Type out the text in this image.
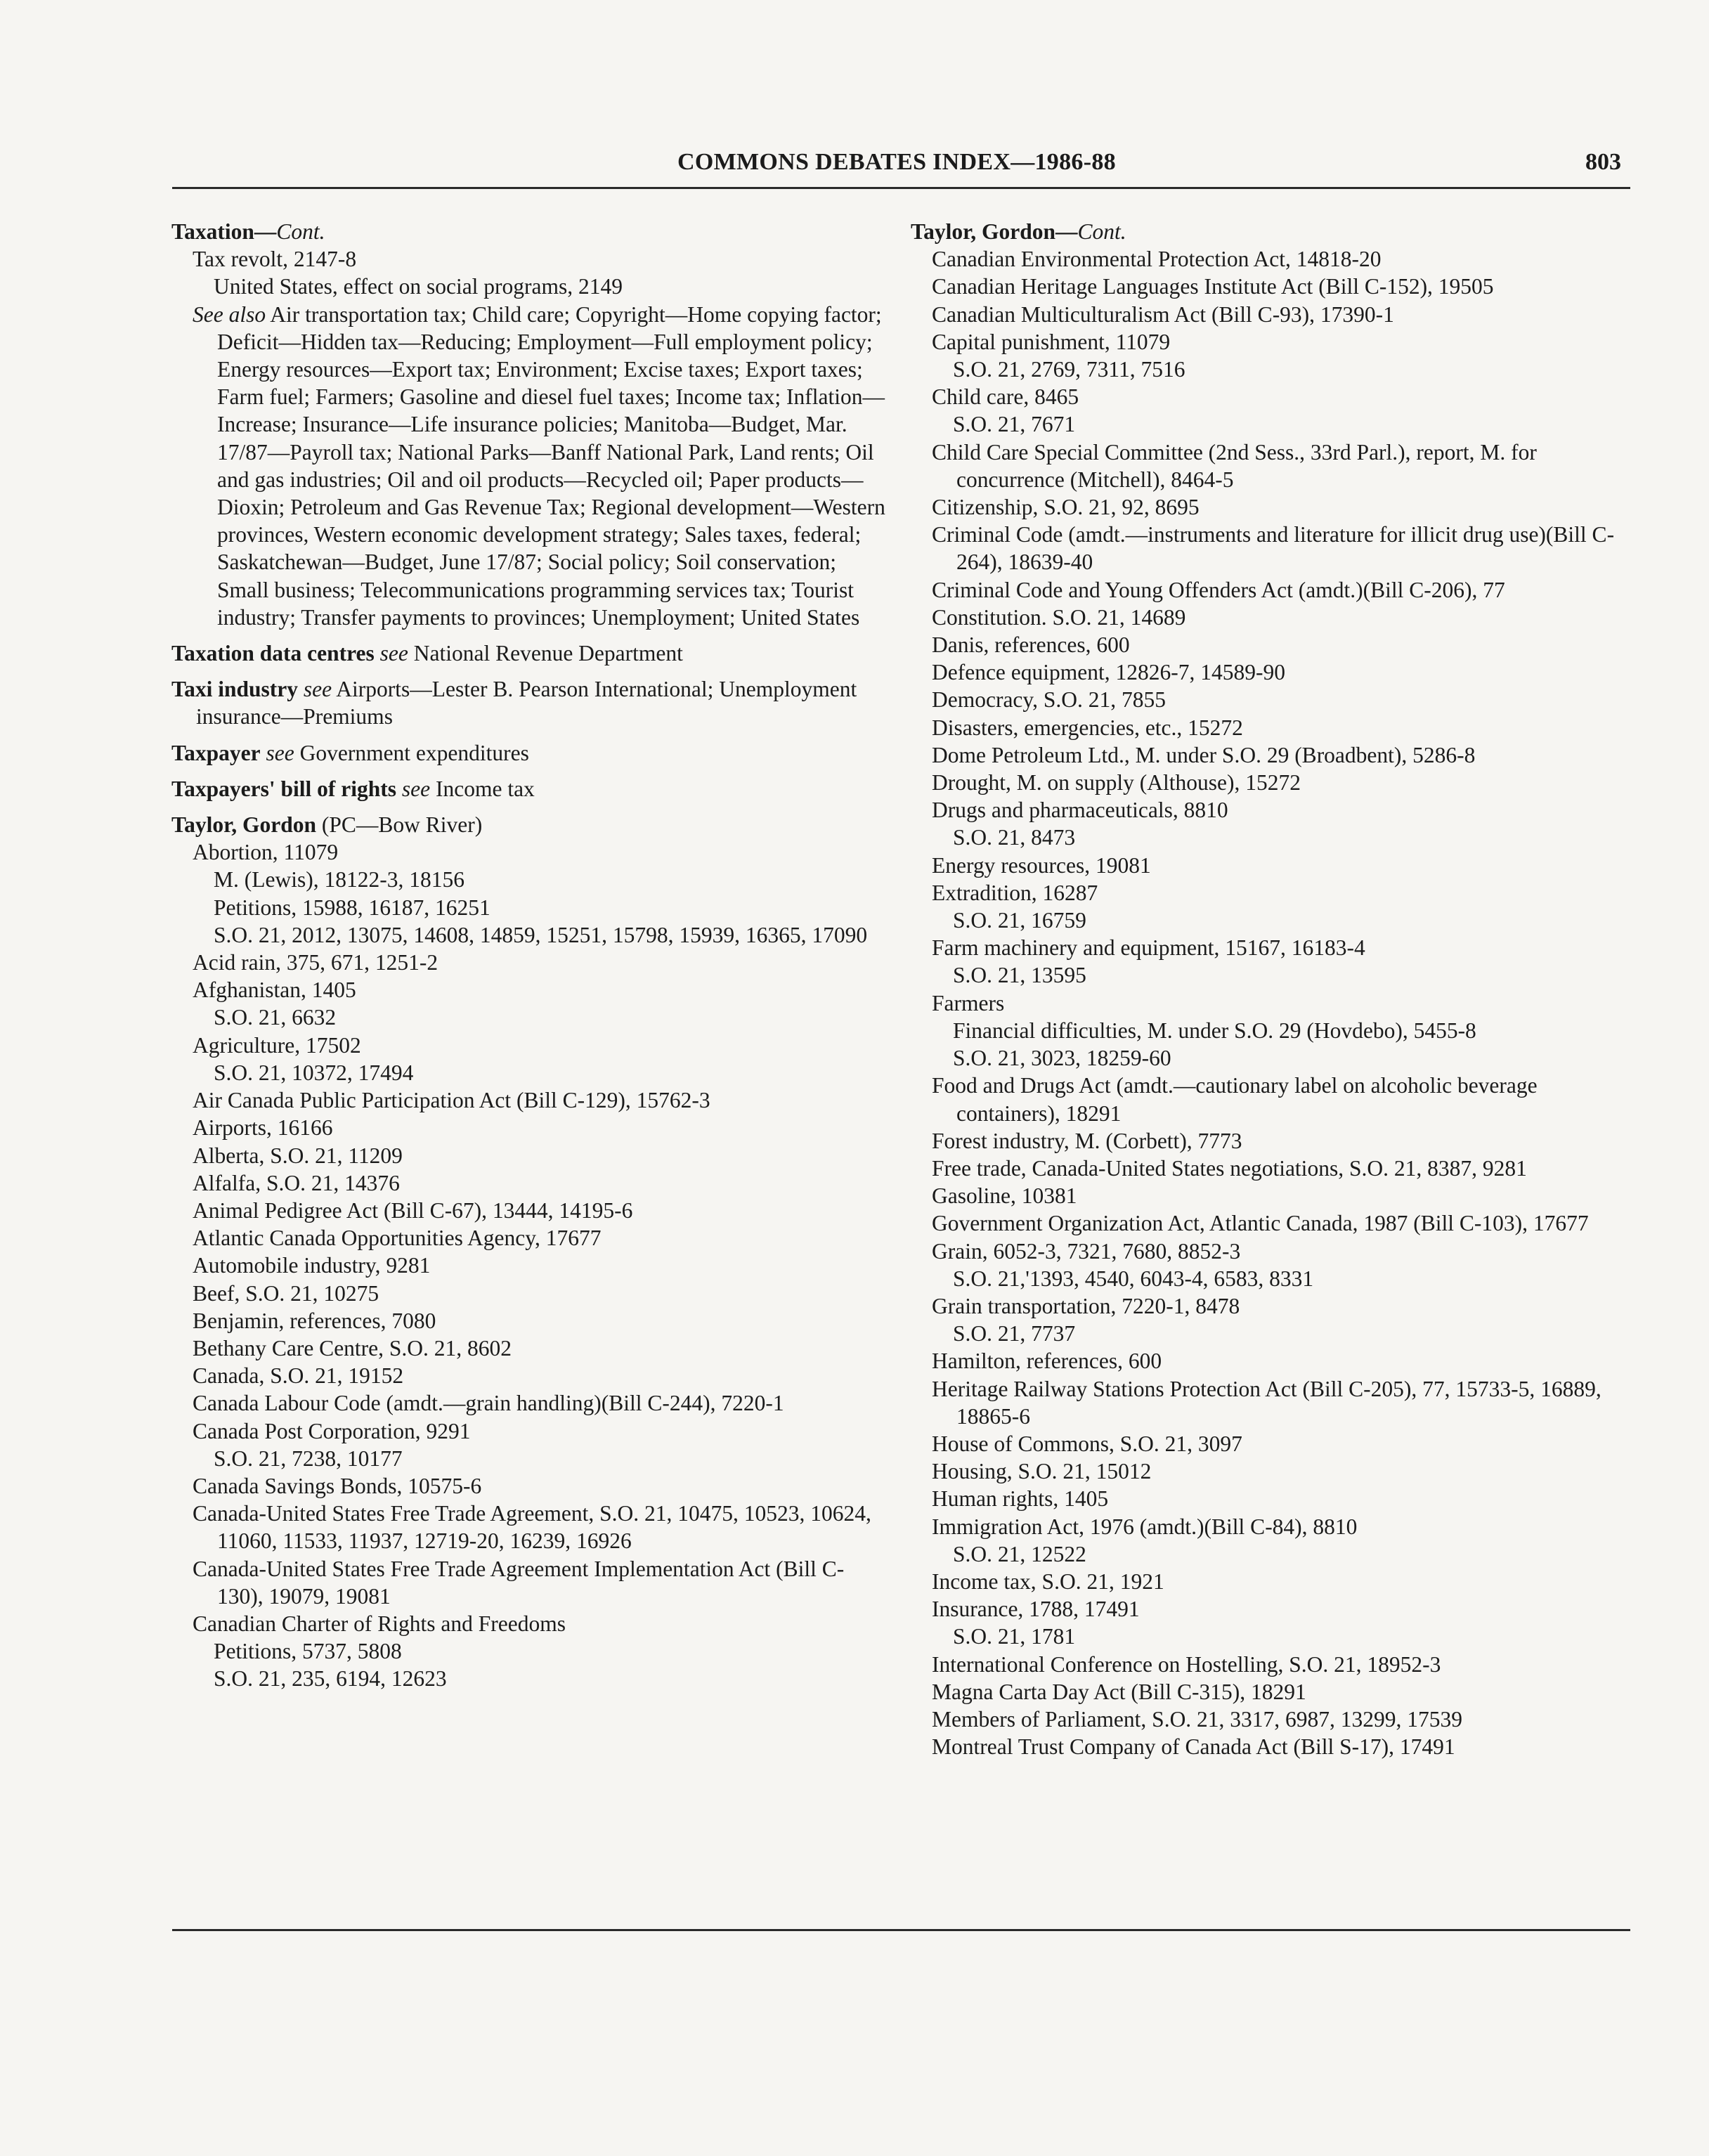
COMMONS DEBATES INDEX—1986-88	803
Taxation—Cont.
Tax revolt, 2147-8
United States, effect on social programs, 2149
See also Air transportation tax; Child care; Copyright—Home copying factor; Deficit—Hidden tax—Reducing; Employment—Full employment policy; Energy resources—Export tax; Environment; Excise taxes; Export taxes; Farm fuel; Farmers; Gasoline and diesel fuel taxes; Income tax; Inflation—Increase; Insurance—Life insurance policies; Manitoba—Budget, Mar. 17/87—Payroll tax; National Parks—Banff National Park, Land rents; Oil and gas industries; Oil and oil products—Recycled oil; Paper products—Dioxin; Petroleum and Gas Revenue Tax; Regional development—Western provinces, Western economic development strategy; Sales taxes, federal; Saskatchewan—Budget, June 17/87; Social policy; Soil conservation; Small business; Telecommunications programming services tax; Tourist industry; Transfer payments to provinces; Unemployment; United States
Taxation data centres see National Revenue Department
Taxi industry see Airports—Lester B. Pearson International; Unemployment insurance—Premiums
Taxpayer see Government expenditures
Taxpayers' bill of rights see Income tax
Taylor, Gordon (PC—Bow River)
Abortion, 11079
M. (Lewis), 18122-3, 18156
Petitions, 15988, 16187, 16251
S.O. 21, 2012, 13075, 14608, 14859, 15251, 15798, 15939, 16365, 17090
Acid rain, 375, 671, 1251-2
Afghanistan, 1405
S.O. 21, 6632
Agriculture, 17502
S.O. 21, 10372, 17494
Air Canada Public Participation Act (Bill C-129), 15762-3
Airports, 16166
Alberta, S.O. 21, 11209
Alfalfa, S.O. 21, 14376
Animal Pedigree Act (Bill C-67), 13444, 14195-6
Atlantic Canada Opportunities Agency, 17677
Automobile industry, 9281
Beef, S.O. 21, 10275
Benjamin, references, 7080
Bethany Care Centre, S.O. 21, 8602
Canada, S.O. 21, 19152
Canada Labour Code (amdt.—grain handling)(Bill C-244), 7220-1
Canada Post Corporation, 9291
S.O. 21, 7238, 10177
Canada Savings Bonds, 10575-6
Canada-United States Free Trade Agreement, S.O. 21, 10475, 10523, 10624, 11060, 11533, 11937, 12719-20, 16239, 16926
Canada-United States Free Trade Agreement Implementation Act (Bill C-130), 19079, 19081
Canadian Charter of Rights and Freedoms
Petitions, 5737, 5808
S.O. 21, 235, 6194, 12623
Taylor, Gordon—Cont.
Canadian Environmental Protection Act, 14818-20
Canadian Heritage Languages Institute Act (Bill C-152), 19505
Canadian Multiculturalism Act (Bill C-93), 17390-1
Capital punishment, 11079
S.O. 21, 2769, 7311, 7516
Child care, 8465
S.O. 21, 7671
Child Care Special Committee (2nd Sess., 33rd Parl.), report, M. for concurrence (Mitchell), 8464-5
Citizenship, S.O. 21, 92, 8695
Criminal Code (amdt.—instruments and literature for illicit drug use)(Bill C-264), 18639-40
Criminal Code and Young Offenders Act (amdt.)(Bill C-206), 77
Constitution. S.O. 21, 14689
Danis, references, 600
Defence equipment, 12826-7, 14589-90
Democracy, S.O. 21, 7855
Disasters, emergencies, etc., 15272
Dome Petroleum Ltd., M. under S.O. 29 (Broadbent), 5286-8
Drought, M. on supply (Althouse), 15272
Drugs and pharmaceuticals, 8810
S.O. 21, 8473
Energy resources, 19081
Extradition, 16287
S.O. 21, 16759
Farm machinery and equipment, 15167, 16183-4
S.O. 21, 13595
Farmers
Financial difficulties, M. under S.O. 29 (Hovdebo), 5455-8
S.O. 21, 3023, 18259-60
Food and Drugs Act (amdt.—cautionary label on alcoholic beverage containers), 18291
Forest industry, M. (Corbett), 7773
Free trade, Canada-United States negotiations, S.O. 21, 8387, 9281
Gasoline, 10381
Government Organization Act, Atlantic Canada, 1987 (Bill C-103), 17677
Grain, 6052-3, 7321, 7680, 8852-3
S.O. 21,'1393, 4540, 6043-4, 6583, 8331
Grain transportation, 7220-1, 8478
S.O. 21, 7737
Hamilton, references, 600
Heritage Railway Stations Protection Act (Bill C-205), 77, 15733-5, 16889, 18865-6
House of Commons, S.O. 21, 3097
Housing, S.O. 21, 15012
Human rights, 1405
Immigration Act, 1976 (amdt.)(Bill C-84), 8810
S.O. 21, 12522
Income tax, S.O. 21, 1921
Insurance, 1788, 17491
S.O. 21, 1781
International Conference on Hostelling, S.O. 21, 18952-3
Magna Carta Day Act (Bill C-315), 18291
Members of Parliament, S.O. 21, 3317, 6987, 13299, 17539
Montreal Trust Company of Canada Act (Bill S-17), 17491
